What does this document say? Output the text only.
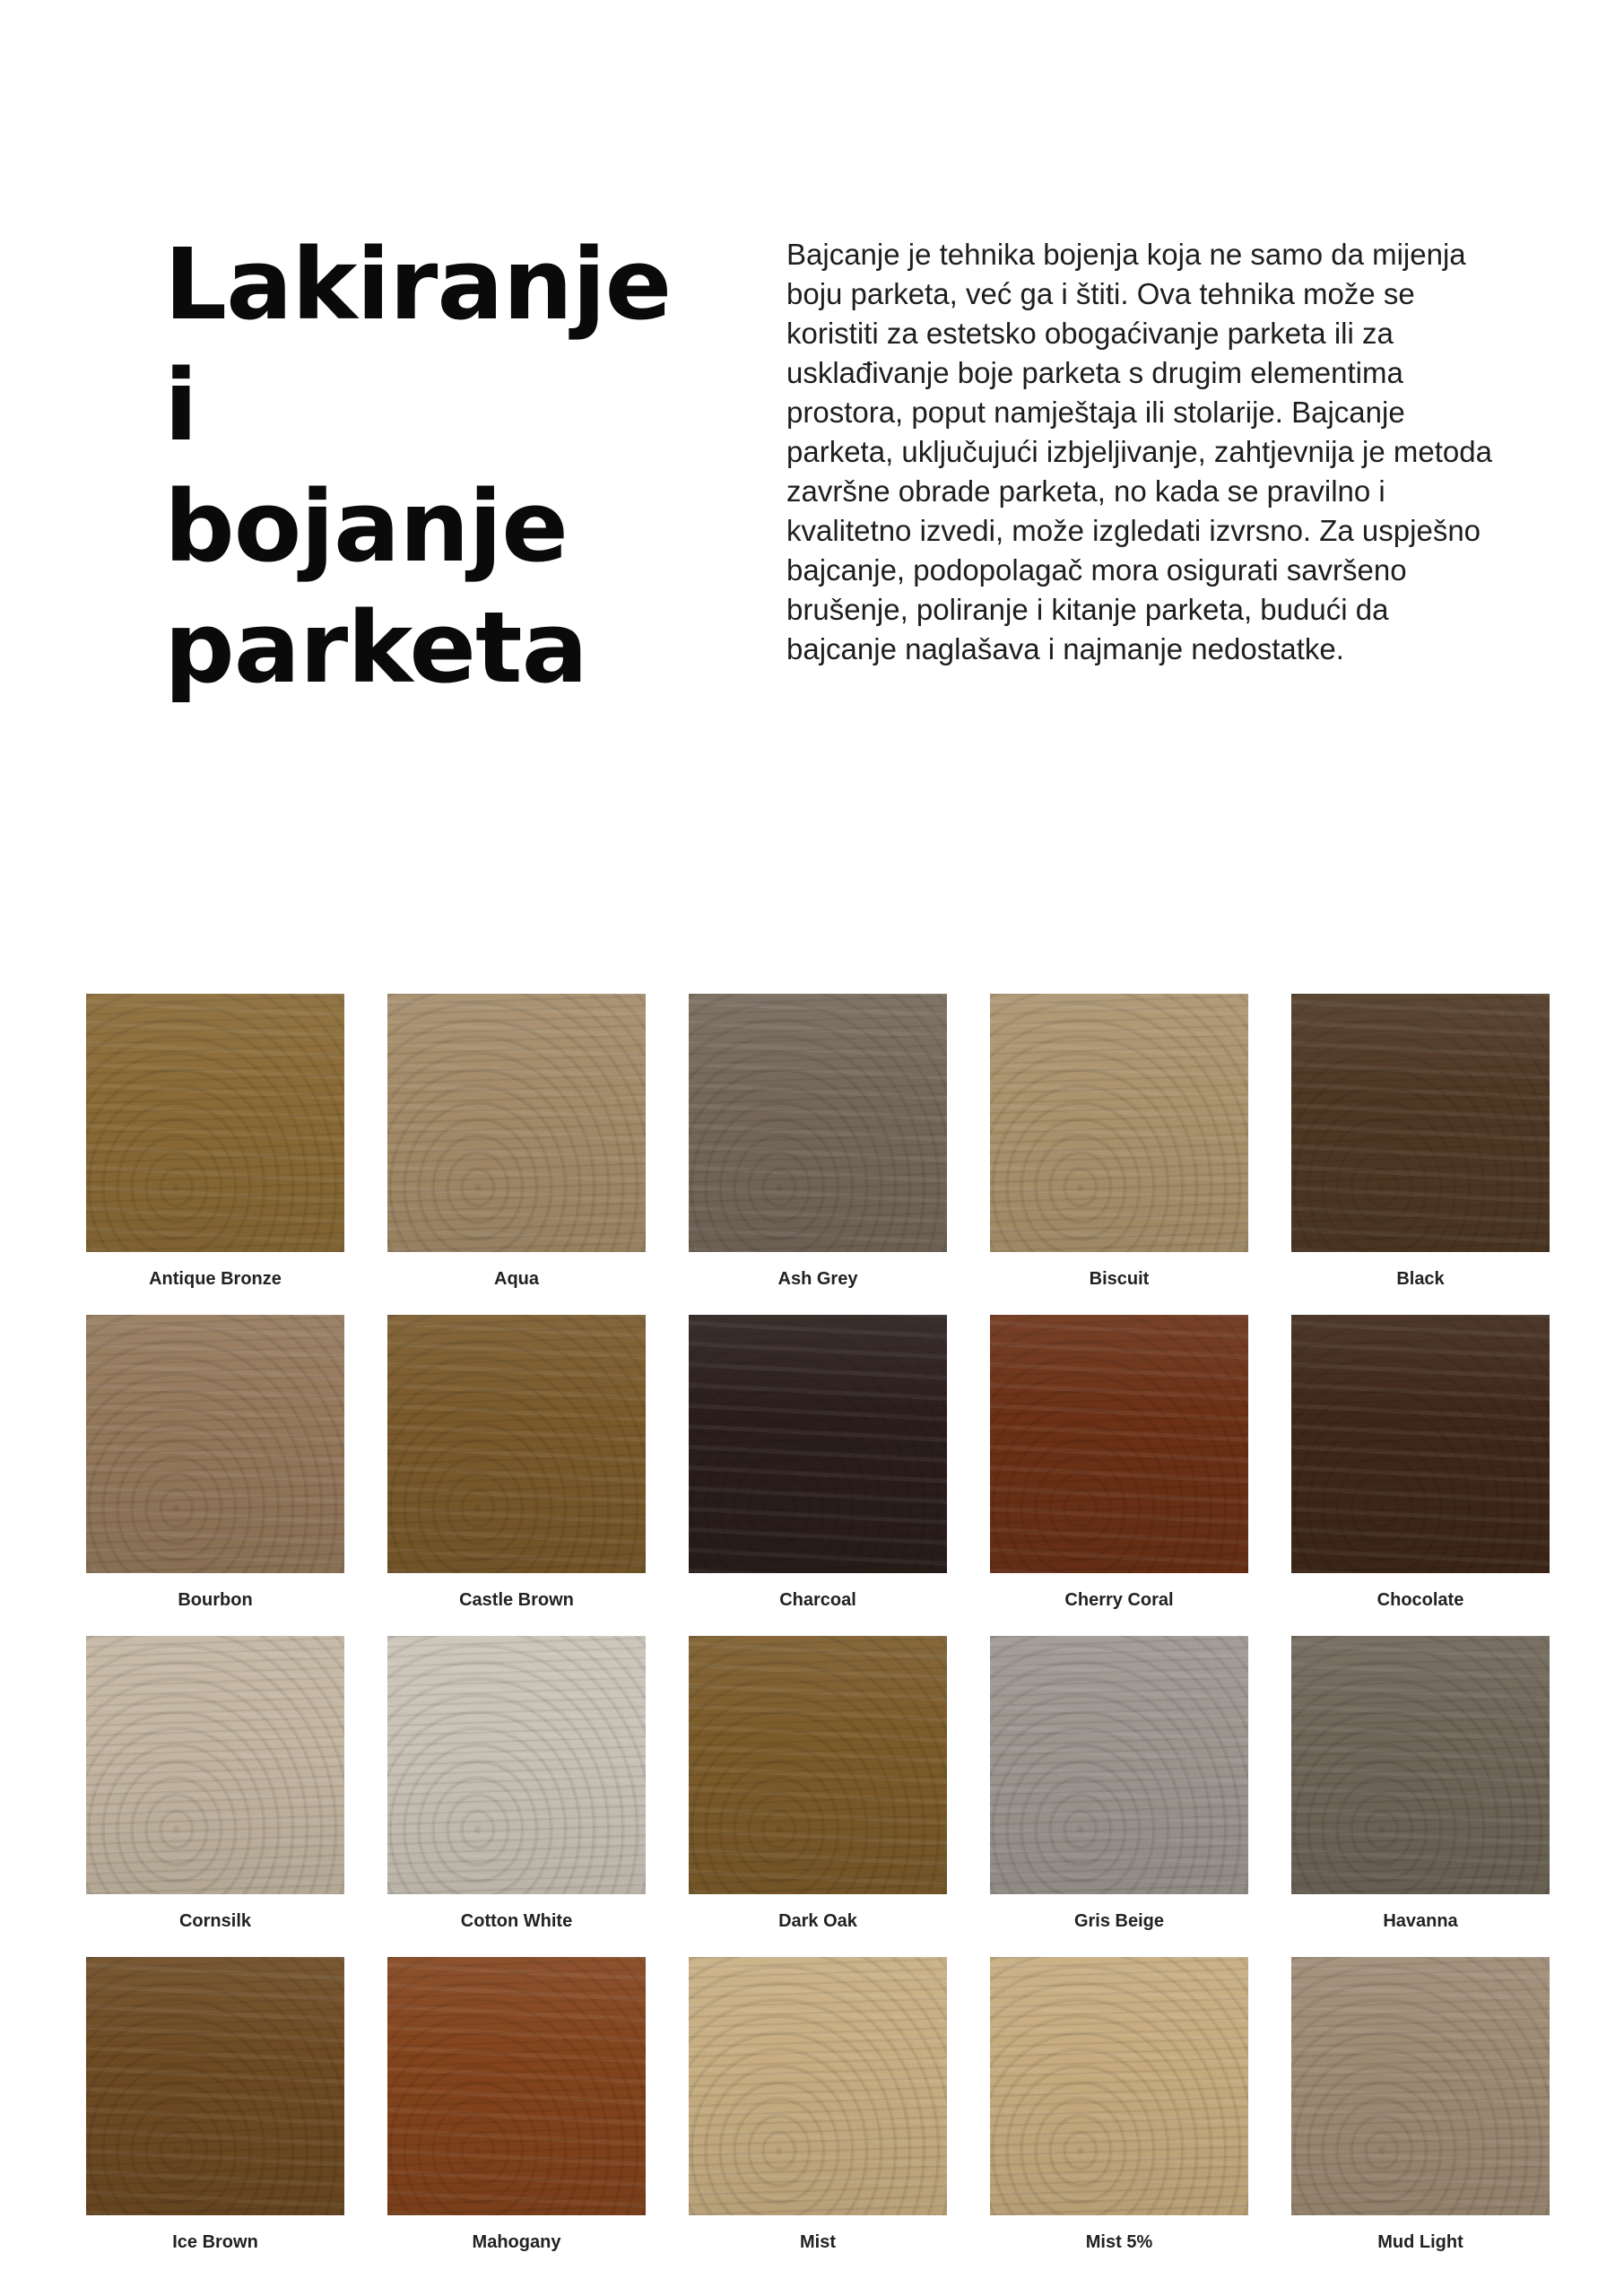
Lakiranje
i
bojanje
parketa

Bajcanje je tehnika bojenja koja ne samo da mijenja boju parketa, već ga i štiti. Ova tehnika može se koristiti za estetsko obogaćivanje parketa ili za usklađivanje boje parketa s drugim elementima prostora, poput namještaja ili stolarije. Bajcanje parketa, uključujući izbjeljivanje, zahtjevnija je metoda završne obrade parketa, no kada se pravilno i kvalitetno izvedi, može izgledati izvrsno. Za uspješno bajcanje, podopolagač mora osigurati savršeno brušenje, poliranje i kitanje parketa, budući da bajcanje naglašava i najmanje nedostatke.

Antique Bronze	Aqua	Ash Grey	Biscuit	Black
Bourbon	Castle Brown	Charcoal	Cherry Coral	Chocolate
Cornsilk	Cotton White	Dark Oak	Gris Beige	Havanna
Ice Brown	Mahogany	Mist	Mist 5%	Mud Light
